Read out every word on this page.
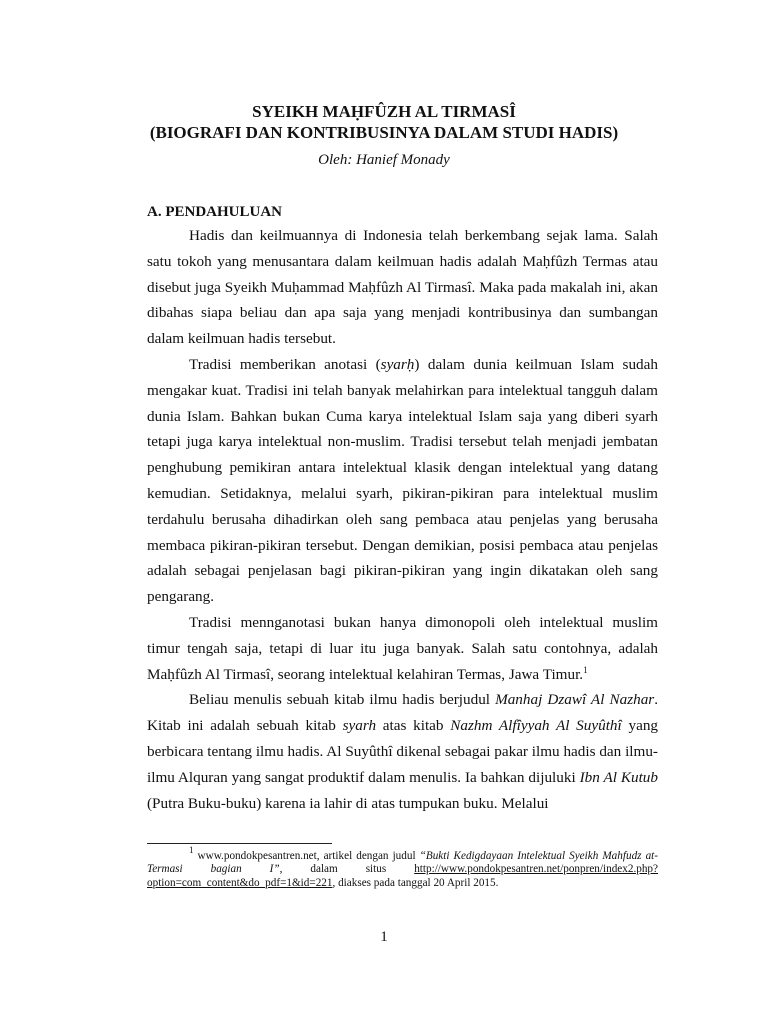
SYEIKH MAḤFÛZH AL TIRMASÎ
(BIOGRAFI DAN KONTRIBUSINYA DALAM STUDI HADIS)
Oleh: Hanief Monady
A. PENDAHULUAN

Hadis dan keilmuannya di Indonesia telah berkembang sejak lama. Salah satu tokoh yang menusantara dalam keilmuan hadis adalah Maḥfûzh Termas atau disebut juga Syeikh Muḥammad Maḥfûzh Al Tirmasî. Maka pada makalah ini, akan dibahas siapa beliau dan apa saja yang menjadi kontribusinya dan sumbangan dalam keilmuan hadis tersebut.

Tradisi memberikan anotasi (syarḥ) dalam dunia keilmuan Islam sudah mengakar kuat. Tradisi ini telah banyak melahirkan para intelektual tangguh dalam dunia Islam. Bahkan bukan Cuma karya intelektual Islam saja yang diberi syarh tetapi juga karya intelektual non-muslim. Tradisi tersebut telah menjadi jembatan penghubung pemikiran antara intelektual klasik dengan intelektual yang datang kemudian. Setidaknya, melalui syarh, pikiran-pikiran para intelektual muslim terdahulu berusaha dihadirkan oleh sang pembaca atau penjelas yang berusaha membaca pikiran-pikiran tersebut. Dengan demikian, posisi pembaca atau penjelas adalah sebagai penjelasan bagi pikiran-pikiran yang ingin dikatakan oleh sang pengarang.

Tradisi mennganotasi bukan hanya dimonopoli oleh intelektual muslim timur tengah saja, tetapi di luar itu juga banyak. Salah satu contohnya, adalah Maḥfûzh Al Tirmasî, seorang intelektual kelahiran Termas, Jawa Timur.$^1$

Beliau menulis sebuah kitab ilmu hadis berjudul Manhaj Dzawî Al Nazhar. Kitab ini adalah sebuah kitab syarh atas kitab Nazhm Alfîyyah Al Suyûthî yang berbicara tentang ilmu hadis. Al Suyûthî dikenal sebagai pakar ilmu hadis dan ilmu-ilmu Alquran yang sangat produktif dalam menulis. Ia bahkan dijuluki Ibn Al Kutub (Putra Buku-buku) karena ia lahir di atas tumpukan buku. Melalui

$^1$ www.pondokpesantren.net, artikel dengan judul “Bukti Kedigdayaan Intelektual Syeikh Mahfudz at-Termasi bagian I”, dalam situs http://www.pondokpesantren.net/ponpren/index2.php?option=com_content&do_pdf=1&id=221, diakses pada tanggal 20 April 2015.
1
